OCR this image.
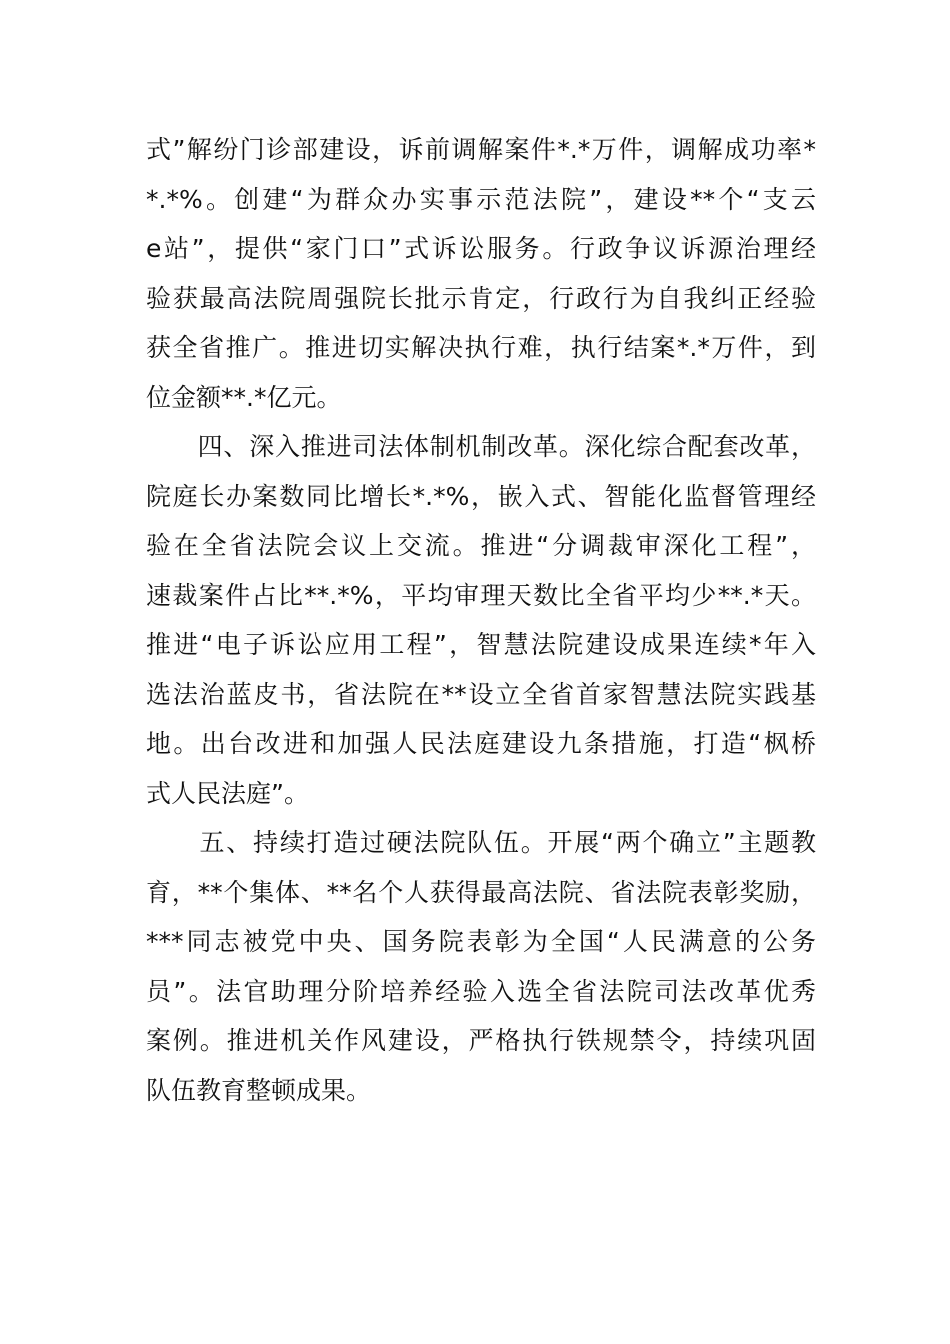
式”解纷门诊部建设，诉前调解案件*.*万件，调解成功率*
*.*%。创建“为群众办实事示范法院”，建设**个“支云
e站”，提供“家门口”式诉讼服务。行政争议诉源治理经
验获最高法院周强院长批示肯定，行政行为自我纠正经验
获全省推广。推进切实解决执行难，执行结案*.*万件，到
位金额**.*亿元。
　　四、深入推进司法体制机制改革。深化综合配套改革，
院庭长办案数同比增长*.*%，嵌入式、智能化监督管理经
验在全省法院会议上交流。推进“分调裁审深化工程”，
速裁案件占比**.*%，平均审理天数比全省平均少**.*天。
推进“电子诉讼应用工程”，智慧法院建设成果连续*年入
选法治蓝皮书，省法院在**设立全省首家智慧法院实践基
地。出台改进和加强人民法庭建设九条措施，打造“枫桥
式人民法庭”。
　　五、持续打造过硬法院队伍。开展“两个确立”主题教
育，**个集体、**名个人获得最高法院、省法院表彰奖励，
***同志被党中央、国务院表彰为全国“人民满意的公务
员”。法官助理分阶培养经验入选全省法院司法改革优秀
案例。推进机关作风建设，严格执行铁规禁令，持续巩固
队伍教育整顿成果。
